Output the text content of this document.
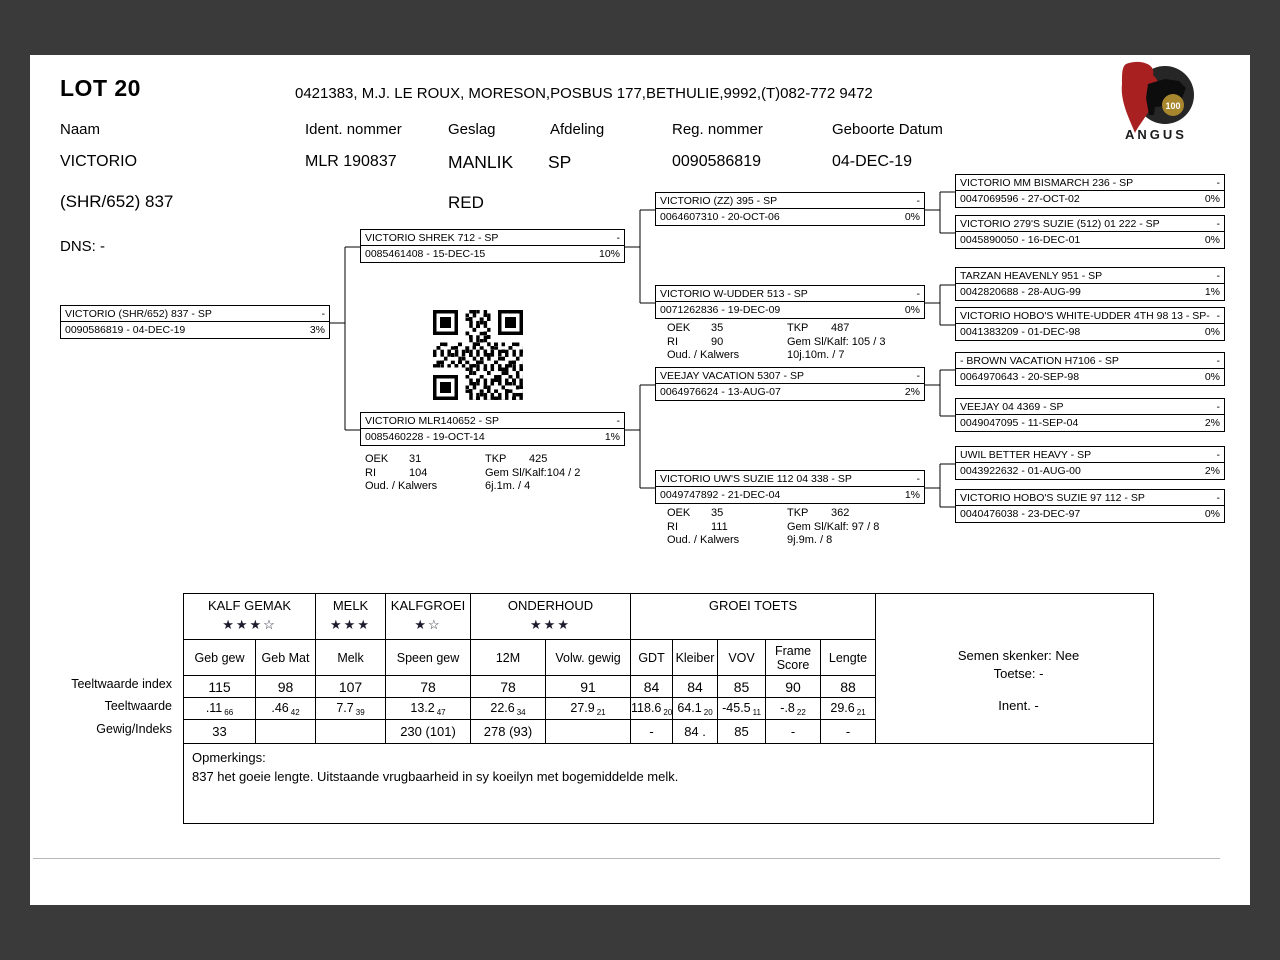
LOT 20	0421383, M.J. LE ROUX, MORESON,POSBUS 177,BETHULIE,9992,(T)082-772 9472
100
ANGUS
Naam	Ident. nommer	Geslag	Afdeling	Reg. nommer	Geboorte Datum
VICTORIO	MLR 190837	MANLIK SP	0090586819	04-DEC-19
(SHR/652) 837	RED
DNS: -
VICTORIO (SHR/652) 837 - SP	-
0090586819 - 04-DEC-19	3%
VICTORIO SHREK 712 - SP	-
0085461408 - 15-DEC-15	10%
VICTORIO MLR140652 - SP	-
0085460228 - 19-OCT-14	1%
VICTORIO (ZZ) 395 - SP	-
0064607310 - 20-OCT-06	0%
VICTORIO W-UDDER 513 - SP	-
0071262836 - 19-DEC-09	0%
VEEJAY VACATION 5307 - SP	-
0064976624 - 13-AUG-07	2%
VICTORIO UW'S SUZIE 112 04 338 - SP	-
0049747892 - 21-DEC-04	1%
VICTORIO MM BISMARCH 236 - SP	-
0047069596 - 27-OCT-02	0%
VICTORIO 279'S SUZIE (512) 01 222 - SP	-
0045890050 - 16-DEC-01	0%
TARZAN HEAVENLY 951 - SP	-
0042820688 - 28-AUG-99	1%
VICTORIO HOBO'S WHITE-UDDER 4TH 98 13 - SP- -
0041383209 - 01-DEC-98	0%
- BROWN VACATION H7106 - SP	-
0064970643 - 20-SEP-98	0%
VEEJAY 04 4369 - SP	-
0049047095 - 11-SEP-04	2%
UWIL BETTER HEAVY - SP	-
0043922632 - 01-AUG-00	2%
VICTORIO HOBO'S SUZIE 97 112 - SP	-
0040476038 - 23-DEC-97	0%
OEK 35
RI	90
Oud. / Kalwers
TKP 487
Gem Sl/Kalf: 105 / 3
10j.10m. / 7
OEK 31
RI	104
Oud. / Kalwers
TKP 425
Gem Sl/Kalf:104 / 2
6j.1m. / 4
OEK 35
RI	111
Oud. / Kalwers
TKP 362
Gem Sl/Kalf: 97 / 8
9j.9m. / 8
Teeltwaarde index
Teeltwaarde
Gewig/Indeks
KALF GEMAK
★★★☆

MELK
★★★

KALFGROEI
★☆

ONDERHOUD
★★★

GROEI TOETS

Semen skenker: Nee
Toetse: -
Inent. -

Geb gew	Geb Mat	Melk	Speen gew	12M	Volw. gewig	GDT	Kleiber	VOV	Frame Score	Lengte	
115	98	107	78	78	91	84	84	85	90	88	
.11 $_{66}$	.46 $_{42}$	7.7 $_{39}$	13.2 $_{47}$	22.6 $_{34}$	27.9 $_{21}$	118.6 $_{20}$	64.1 $_{20}$	-45.5 $_{11}$	-.8 $_{22}$	29.6 $_{21}$
33			230 (101)	278 (93)		-	84 .	85	-	-	

Opmerkings:
837 het goeie lengte. Uitstaande vrugbaarheid in sy koeilyn met bogemiddelde melk.											
